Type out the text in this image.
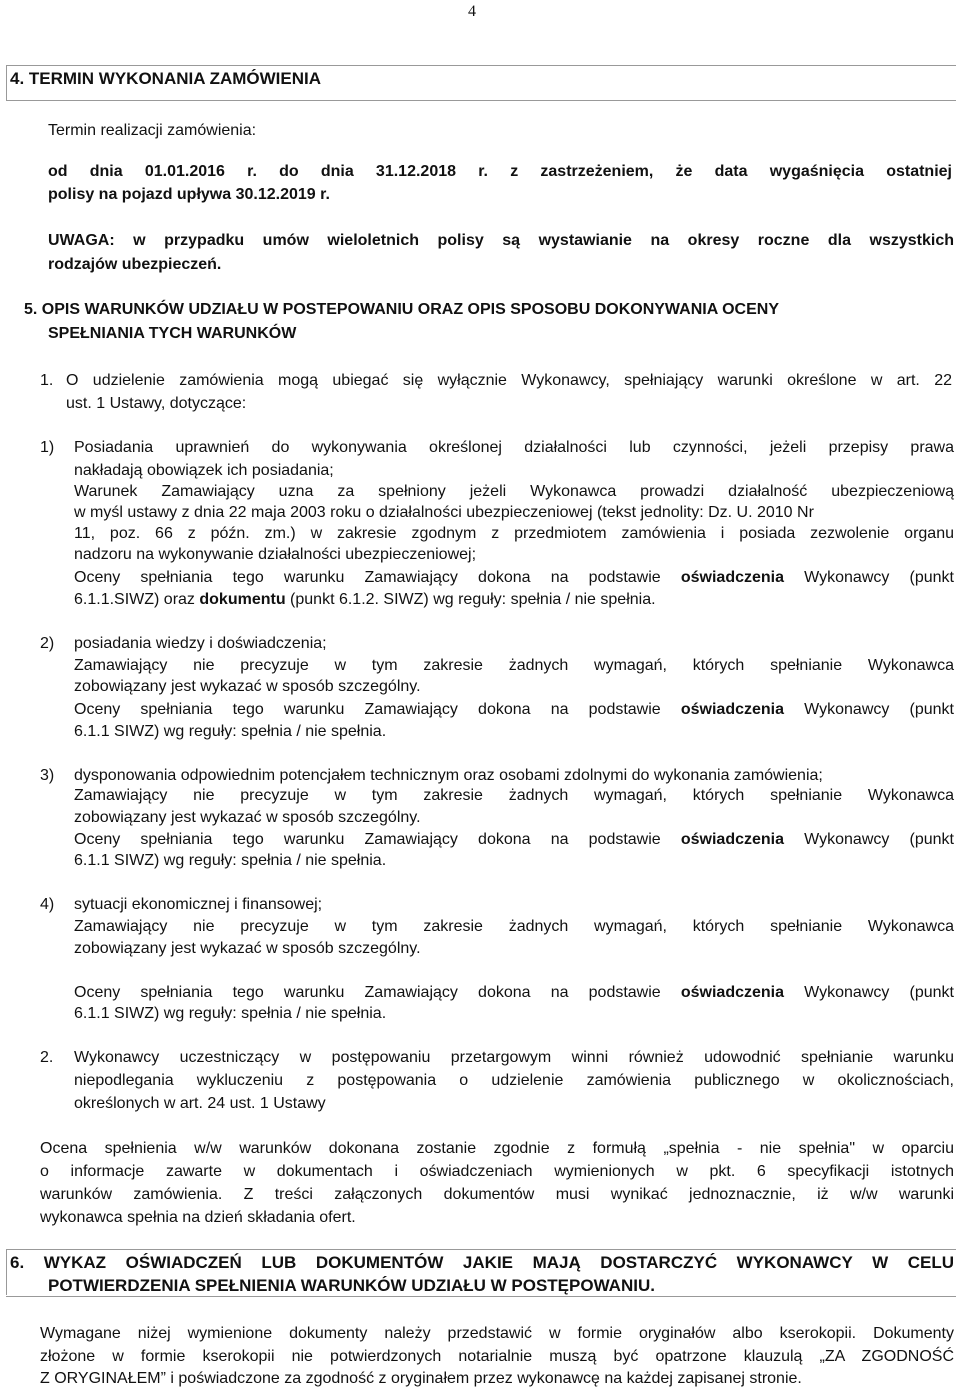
4
4. TERMIN WYKONANIA ZAMÓWIENIA
Termin realizacji zamówienia:
od dnia 01.01.2016 r. do dnia 31.12.2018 r. z zastrzeżeniem, że data wygaśnięcia ostatniej
polisy na pojazd upływa 30.12.2019 r.
UWAGA: w przypadku umów wieloletnich polisy są wystawianie na okresy roczne dla wszystkich
rodzajów ubezpieczeń.
5. OPIS WARUNKÓW UDZIAŁU W POSTEPOWANIU ORAZ OPIS SPOSOBU DOKONYWANIA OCENY
SPEŁNIANIA TYCH WARUNKÓW
1. O udzielenie zamówienia mogą ubiegać się wyłącznie Wykonawcy, spełniający warunki określone w art. 22
ust. 1 Ustawy, dotyczące:
1) Posiadania uprawnień do wykonywania określonej działalności lub czynności, jeżeli przepisy prawa
nakładają obowiązek ich posiadania;
Warunek Zamawiający uzna za spełniony jeżeli Wykonawca prowadzi działalność ubezpieczeniową
w myśl ustawy z dnia 22 maja 2003 roku o działalności ubezpieczeniowej (tekst jednolity: Dz. U. 2010 Nr
11, poz. 66 z późn. zm.) w zakresie zgodnym z przedmiotem zamówienia i posiada zezwolenie organu
nadzoru na wykonywanie działalności ubezpieczeniowej;
Oceny spełniania tego warunku Zamawiający dokona na podstawie oświadczenia Wykonawcy (punkt
6.1.1.SIWZ) oraz dokumentu (punkt 6.1.2. SIWZ) wg reguły: spełnia / nie spełnia.
2) posiadania wiedzy i doświadczenia;
Zamawiający nie precyzuje w tym zakresie żadnych wymagań, których spełnianie Wykonawca
zobowiązany jest wykazać w sposób szczególny.
Oceny spełniania tego warunku Zamawiający dokona na podstawie oświadczenia Wykonawcy (punkt
6.1.1 SIWZ) wg reguły: spełnia / nie spełnia.
3) dysponowania odpowiednim potencjałem technicznym oraz osobami zdolnymi do wykonania zamówienia;
Zamawiający nie precyzuje w tym zakresie żadnych wymagań, których spełnianie Wykonawca
zobowiązany jest wykazać w sposób szczególny.
Oceny spełniania tego warunku Zamawiający dokona na podstawie oświadczenia Wykonawcy (punkt
6.1.1 SIWZ) wg reguły: spełnia / nie spełnia.
4) sytuacji ekonomicznej i finansowej;
Zamawiający nie precyzuje w tym zakresie żadnych wymagań, których spełnianie Wykonawca
zobowiązany jest wykazać w sposób szczególny.
Oceny spełniania tego warunku Zamawiający dokona na podstawie oświadczenia Wykonawcy (punkt
6.1.1 SIWZ) wg reguły: spełnia / nie spełnia.
2. Wykonawcy uczestniczący w postępowaniu przetargowym winni również udowodnić spełnianie warunku
niepodlegania wykluczeniu z postępowania o udzielenie zamówienia publicznego w okolicznościach,
określonych w art. 24 ust. 1 Ustawy
Ocena spełnienia w/w warunków dokonana zostanie zgodnie z formułą „spełnia - nie spełnia" w oparciu
o informacje zawarte w dokumentach i oświadczeniach wymienionych w pkt. 6 specyfikacji istotnych
warunków zamówienia. Z treści załączonych dokumentów musi wynikać jednoznacznie, iż w/w warunki
wykonawca spełnia na dzień składania ofert.
6. WYKAZ OŚWIADCZEŃ LUB DOKUMENTÓW JAKIE MAJĄ DOSTARCZYĆ WYKONAWCY W CELU
POTWIERDZENIA SPEŁNIENIA WARUNKÓW UDZIAŁU W POSTĘPOWANIU.
Wymagane niżej wymienione dokumenty należy przedstawić w formie oryginałów albo kserokopii. Dokumenty
złożone w formie kserokopii nie potwierdzonych notarialnie muszą być opatrzone klauzulą „ZA ZGODNOŚĆ
Z ORYGINAŁEM” i poświadczone za zgodność z oryginałem przez wykonawcę na każdej zapisanej stronie.
